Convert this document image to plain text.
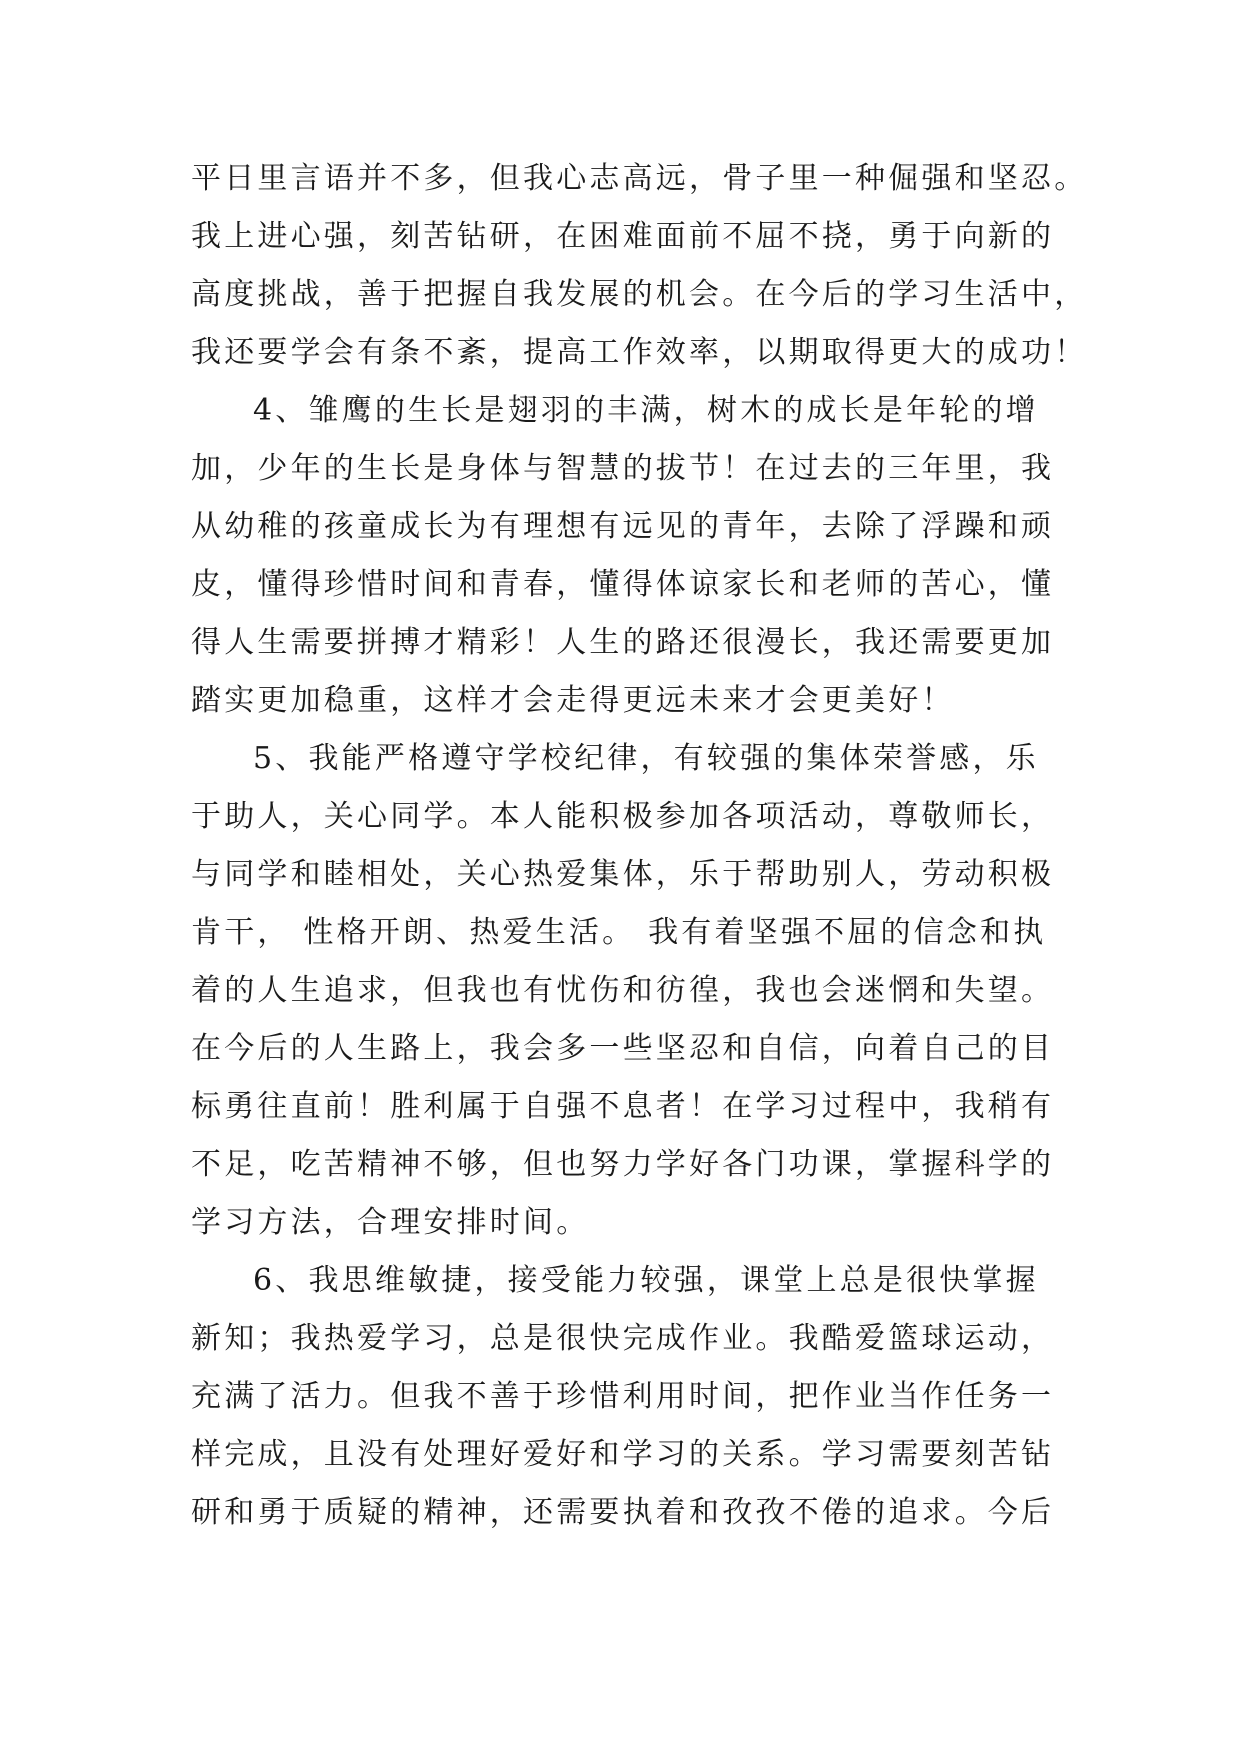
平日里言语并不多，但我心志高远，骨子里一种倔强和坚忍。
我上进心强，刻苦钻研，在困难面前不屈不挠，勇于向新的
高度挑战，善于把握自我发展的机会。在今后的学习生活中，
我还要学会有条不紊，提高工作效率，以期取得更大的成功！
4、雏鹰的生长是翅羽的丰满，树木的成长是年轮的增
加，少年的生长是身体与智慧的拔节！在过去的三年里，我
从幼稚的孩童成长为有理想有远见的青年，去除了浮躁和顽
皮，懂得珍惜时间和青春，懂得体谅家长和老师的苦心，懂
得人生需要拼搏才精彩！人生的路还很漫长，我还需要更加
踏实更加稳重，这样才会走得更远未来才会更美好！
5、我能严格遵守学校纪律，有较强的集体荣誉感，乐
于助人，关心同学。本人能积极参加各项活动，尊敬师长，
与同学和睦相处，关心热爱集体，乐于帮助别人，劳动积极
肯干， 性格开朗、热爱生活。 我有着坚强不屈的信念和执
着的人生追求，但我也有忧伤和彷徨，我也会迷惘和失望。
在今后的人生路上，我会多一些坚忍和自信，向着自己的目
标勇往直前！胜利属于自强不息者！在学习过程中，我稍有
不足，吃苦精神不够，但也努力学好各门功课，掌握科学的
学习方法，合理安排时间。
6、我思维敏捷，接受能力较强，课堂上总是很快掌握
新知；我热爱学习，总是很快完成作业。我酷爱篮球运动，
充满了活力。但我不善于珍惜利用时间，把作业当作任务一
样完成，且没有处理好爱好和学习的关系。学习需要刻苦钻
研和勇于质疑的精神，还需要执着和孜孜不倦的追求。今后
